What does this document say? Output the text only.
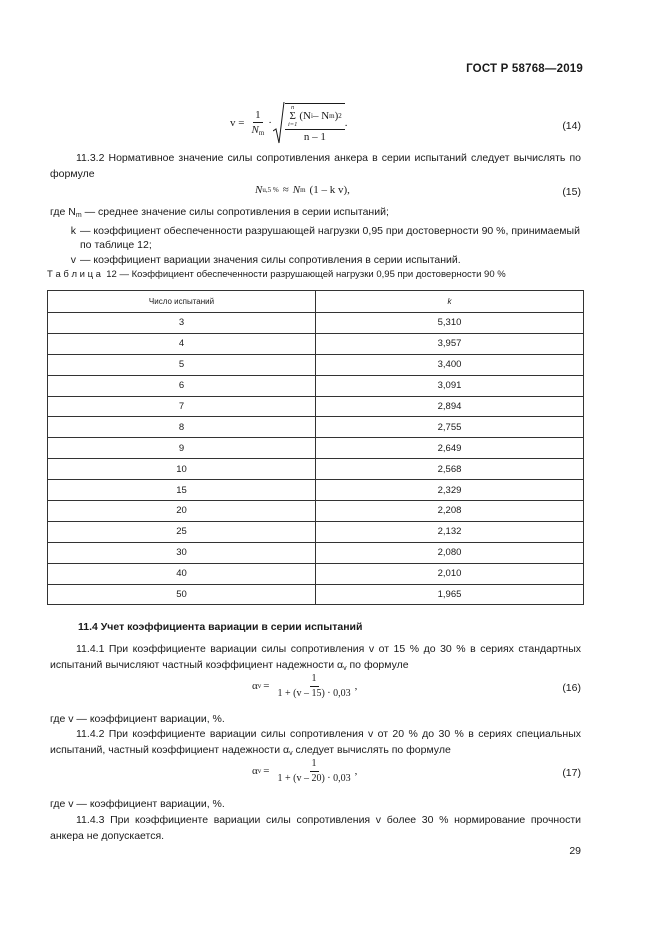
ГОСТ Р 58768—2019
$v = \frac{1}{N_m}$ ·
n
Σ
i=1
(N i – N m ) 2
n – 1
.	(14)
11.3.2 Нормативное значение силы сопротивления анкера в серии испытаний следует вычислять по формуле
N u,5 % ≈ N m (1 – k v),	(15)
где $N_m$ — среднее значение силы сопротивления в серии испытаний;
k — коэффициент обеспеченности разрушающей нагрузки 0,95 при достоверности 90 %, принимаемый по таблице 12;
v — коэффициент вариации значения силы сопротивления в серии испытаний.
Т а б л и ц а 12 — Коэффициент обеспеченности разрушающей нагрузки 0,95 при достоверности 90 %
Число испытаний	k
3	5,310
4	3,957
5	3,400
6	3,091
7	2,894
8	2,755
9	2,649
10	2,568
15	2,329
20	2,208
25	2,132
30	2,080
40	2,010
50	1,965
11.4 Учет коэффициента вариации в серии испытаний
11.4.1 При коэффициенте вариации силы сопротивления v от 15 % до 30 % в сериях стандартных испытаний вычисляют частный коэффициент надежности $\alpha_v$ по формуле
α $v = \frac{1}{1 + (v - 15) \cdot 0,03}$ ,	(16)
где v — коэффициент вариации, %.
11.4.2 При коэффициенте вариации силы сопротивления v от 20 % до 30 % в сериях специальных испытаний, частный коэффициент надежности $\alpha_v$ следует вычислять по формуле
α $v = \frac{1}{1 + (v - 20) \cdot 0,03}$ ,	(17)
где v — коэффициент вариации, %.
11.4.3 При коэффициенте вариации силы сопротивления v более 30 % нормирование прочности анкера не допускается.
29
